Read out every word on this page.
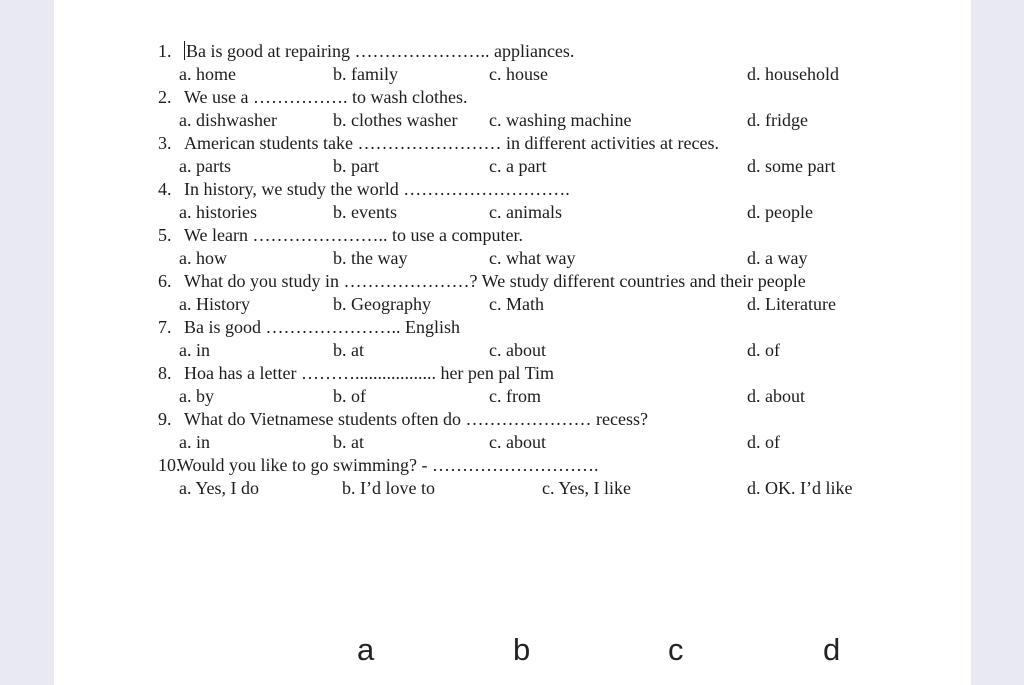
1. Ba is good at repairing ………………….. appliances.
a. home	b. family	c. house	d. household
2. We use a ……………. to wash clothes.
a. dishwasher	b. clothes washer c. washing machine	d. fridge
3. American students take …………………… in different activities at reces.
a. parts	b. part	c. a part	d. some part
4. In history, we study the world ……………………….
a. histories	b. events	c. animals	d. people
5. We learn ………………….. to use a computer.
a. how	b. the way	c. what way	d. a way
6. What do you study in …………………? We study different countries and their people
a. History	b. Geography	c. Math	d. Literature
7. Ba is good ………………….. English
a. in	b. at	c. about	d. of
8. Hoa has a letter ……….................. her pen pal Tim
a. by	b. of	c. from	d. about
9. What do Vietnamese students often do ………………… recess?
a. in	b. at	c. about	d. of
10.
Would you like to go swimming? - ……………………….
a. Yes, I do	b. I’d love to	c. Yes, I like	d. OK. I’d like
a	b	c	d
